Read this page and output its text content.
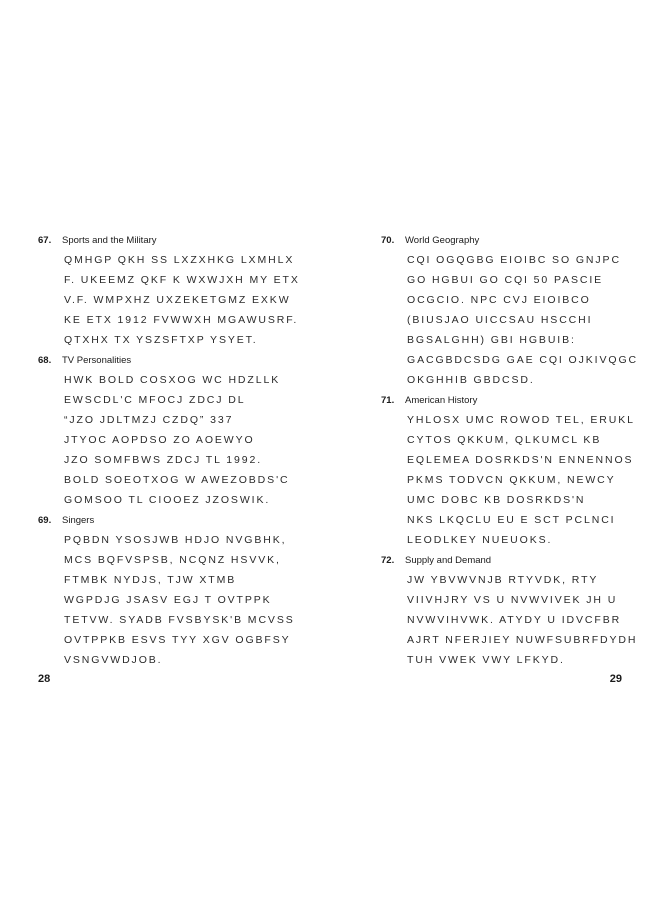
67.	Sports and the Military
QMHGP QKH SS LXZXHKG LXMHLX
F. UKEEMZ QKF K WXWJXH MY ETX
V.F. WMPXHZ UXZEKETGMZ EXKW
KE ETX 1912 FVWWXH MGAWUSRF.
QTXHX TX YSZSFTXP YSYET.
68.	TV Personalities
HWK BOLD COSXOG WC HDZLLK
EWSCDL'C MFOCJ ZDCJ DL
“JZO JDLTMZJ CZDQ” 337
JTYOC AOPDSO ZO AOEWYO
JZO SOMFBWS ZDCJ TL 1992.
BOLD SOEOTXOG W AWEZOBDS'C
GOMSOO TL CIOOEZ JZOSWIK.
69.	Singers
PQBDN YSOSJWB HDJO NVGBHK,
MCS BQFVSPSB, NCQNZ HSVVK,
FTMBK NYDJS, TJW XTMB
WGPDJG JSASV EGJ T OVTPPK
TETVW. SYADB FVSBYSK'B MCVSS
OVTPPKB ESVS TYY XGV OGBFSY
VSNGVWDJOB.
70.	World Geography
CQI OGQGBG EIOIBC SO GNJPC
GO HGBUI GO CQI 50 PASCIE
OCGCIO. NPC CVJ EIOIBCO
(BIUSJAO UICCSAU HSCCHI
BGSALGHH) GBI HGBUIB:
GACGBDCSDG GAE CQI OJKIVQGC
OKGHHIB GBDCSD.
71.	American History
YHLOSX UMC ROWOD TEL, ERUKL
CYTOS QKKUM, QLKUMCL KB
EQLEMEA DOSRKDS'N ENNENNOS
PKMS TODVCN QKKUM, NEWCY
UMC DOBC KB DOSRKDS'N
NKS LKQCLU EU E SCT PCLNCI
LEODLKEY NUEUOKS.
72.	Supply and Demand
JW YBVWVNJB RTYVDK, RTY
VIIVHJRY VS U NVWVIVEK JH U
NVWVIHVWK. ATYDY U IDVCFBR
AJRT NFERJIEY NUWFSUBRFDYDH
TUH VWEK VWY LFKYD.
28	29
